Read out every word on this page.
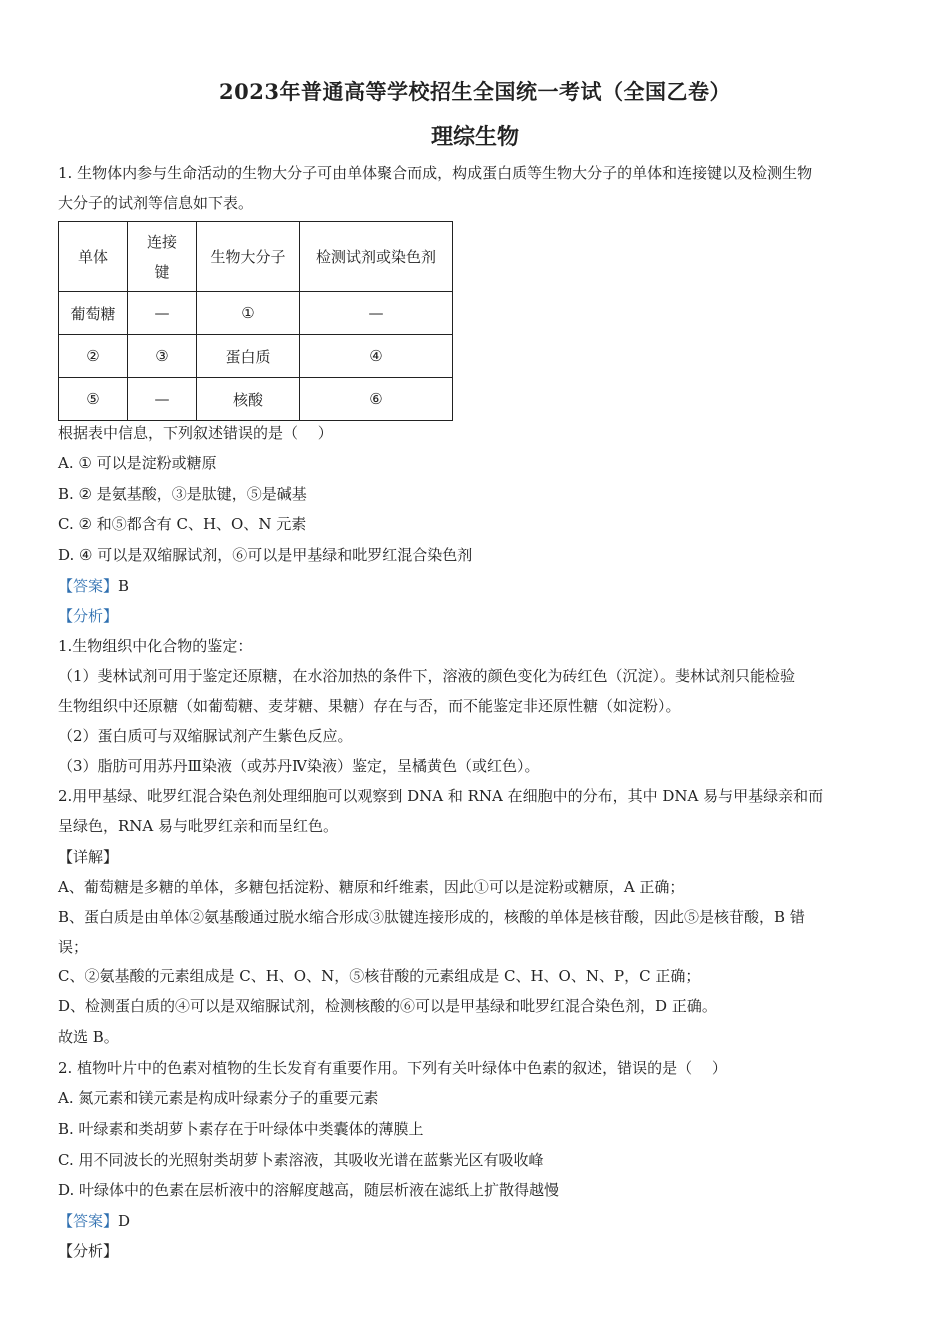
2023年普通高等学校招生全国统一考试（全国乙卷）
理综生物
1. 生物体内参与生命活动的生物大分子可由单体聚合而成，构成蛋白质等生物大分子的单体和连接键以及检测生物
大分子的试剂等信息如下表。
单体	连接键	生物大分子	检测试剂或染色剂
葡萄糖	—	①	—
②	③	蛋白质	④
⑤	—	核酸	⑥
根据表中信息，下列叙述错误的是（　 ）
A. ① 可以是淀粉或糖原
B. ② 是氨基酸，③是肽键，⑤是碱基
C. ② 和⑤都含有 C、H、O、N 元素
D. ④ 可以是双缩脲试剂，⑥可以是甲基绿和吡罗红混合染色剂
【答案】B
【分析】
1.生物组织中化合物的鉴定：
（1）斐林试剂可用于鉴定还原糖，在水浴加热的条件下，溶液的颜色变化为砖红色（沉淀）。斐林试剂只能检验
生物组织中还原糖（如葡萄糖、麦芽糖、果糖）存在与否，而不能鉴定非还原性糖（如淀粉）。
（2）蛋白质可与双缩脲试剂产生紫色反应。
（3）脂肪可用苏丹Ⅲ染液（或苏丹Ⅳ染液）鉴定，呈橘黄色（或红色）。
2.用甲基绿、吡罗红混合染色剂处理细胞可以观察到 DNA 和 RNA 在细胞中的分布，其中 DNA 易与甲基绿亲和而
呈绿色，RNA 易与吡罗红亲和而呈红色。
【详解】
A、葡萄糖是多糖的单体，多糖包括淀粉、糖原和纤维素，因此①可以是淀粉或糖原，A 正确；
B、蛋白质是由单体②氨基酸通过脱水缩合形成③肽键连接形成的，核酸的单体是核苷酸，因此⑤是核苷酸，B 错
误；
C、②氨基酸的元素组成是 C、H、O、N，⑤核苷酸的元素组成是 C、H、O、N、P，C 正确；
D、检测蛋白质的④可以是双缩脲试剂，检测核酸的⑥可以是甲基绿和吡罗红混合染色剂，D 正确。
故选 B。
2. 植物叶片中的色素对植物的生长发育有重要作用。下列有关叶绿体中色素的叙述，错误的是（　 ）
A. 氮元素和镁元素是构成叶绿素分子的重要元素
B. 叶绿素和类胡萝卜素存在于叶绿体中类囊体的薄膜上
C. 用不同波长的光照射类胡萝卜素溶液，其吸收光谱在蓝紫光区有吸收峰
D. 叶绿体中的色素在层析液中的溶解度越高，随层析液在滤纸上扩散得越慢
【答案】D
【分析】
